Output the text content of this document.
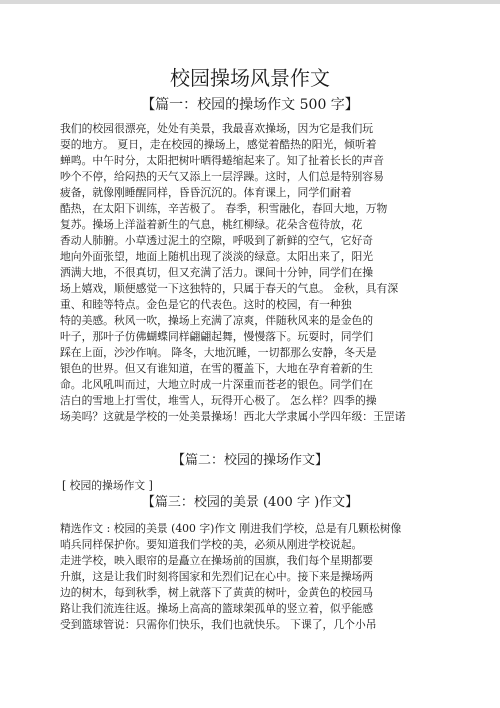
校园操场风景作文
【篇一：校园的操场作文 500 字】
我们的校园很漂亮，处处有美景，我最喜欢操场，因为它是我们玩
耍的地方。 夏日，走在校园的操场上，感觉着酷热的阳光，倾听着
蝉鸣。中午时分，太阳把树叶晒得蜷缩起来了。知了扯着长长的声音
吵个不停，给闷热的天气又添上一层浮躁。这时，人们总是特别容易
疲备，就像刚睡醒同样，昏昏沉沉的。体育课上，同学们耐着
酷热，在太阳下训练，辛苦极了。 春季，积雪融化，春回大地，万物
复苏。操场上洋溢着新生的气息，桃红柳绿。花朵含苞待放，花
香动人肺腑。小草透过泥土的空隙，呼吸到了新鲜的空气，它好奇
地向外面张望，地面上随机出现了淡淡的绿意。太阳出来了，阳光
洒满大地，不很真切，但又充满了活力。课间十分钟，同学们在操
场上嬉戏，顺便感觉一下这独特的，只属于春天的气息。 金秋，具有深
重、和睦等特点。金色是它的代表色。这时的校园，有一种独
特的美感。秋风一吹，操场上充满了凉爽，伴随秋风来的是金色的
叶子，那叶子仿佛蝴蝶同样翩翩起舞，慢慢落下。玩耍时，同学们
踩在上面，沙沙作响。 降冬，大地沉睡，一切都那么安静，冬天是
银色的世界。但又有谁知道，在雪的覆盖下，大地在孕育着新的生
命。北风吼叫而过，大地立时成一片深重而苍老的银色。同学们在
洁白的雪地上打雪仗，堆雪人，玩得开心极了。 怎么样？四季的操
场美吗？这就是学校的一处美景操场！西北大学隶属小学四年级：王罡诺
【篇二：校园的操场作文】
[ 校园的操场作文 ]
【篇三：校园的美景 (400 字 )作文】
精选作文 : 校园的美景 (400 字)作文 刚进我们学校，总是有几颗松树像
哨兵同样保护你。要知道我们学校的美，必须从刚进学校说起。
走进学校，映入眼帘的是矗立在操场前的国旗，我们每个星期都要
升旗，这是让我们时刻将国家和先烈们记在心中。接下来是操场两
边的树木，每到秋季，树上就落下了黄黄的树叶，金黄色的校园马
路让我们流连往返。操场上高高的篮球架孤单的竖立着，似乎能感
受到篮球管说：只需你们快乐，我们也就快乐。 下课了，几个小吊
